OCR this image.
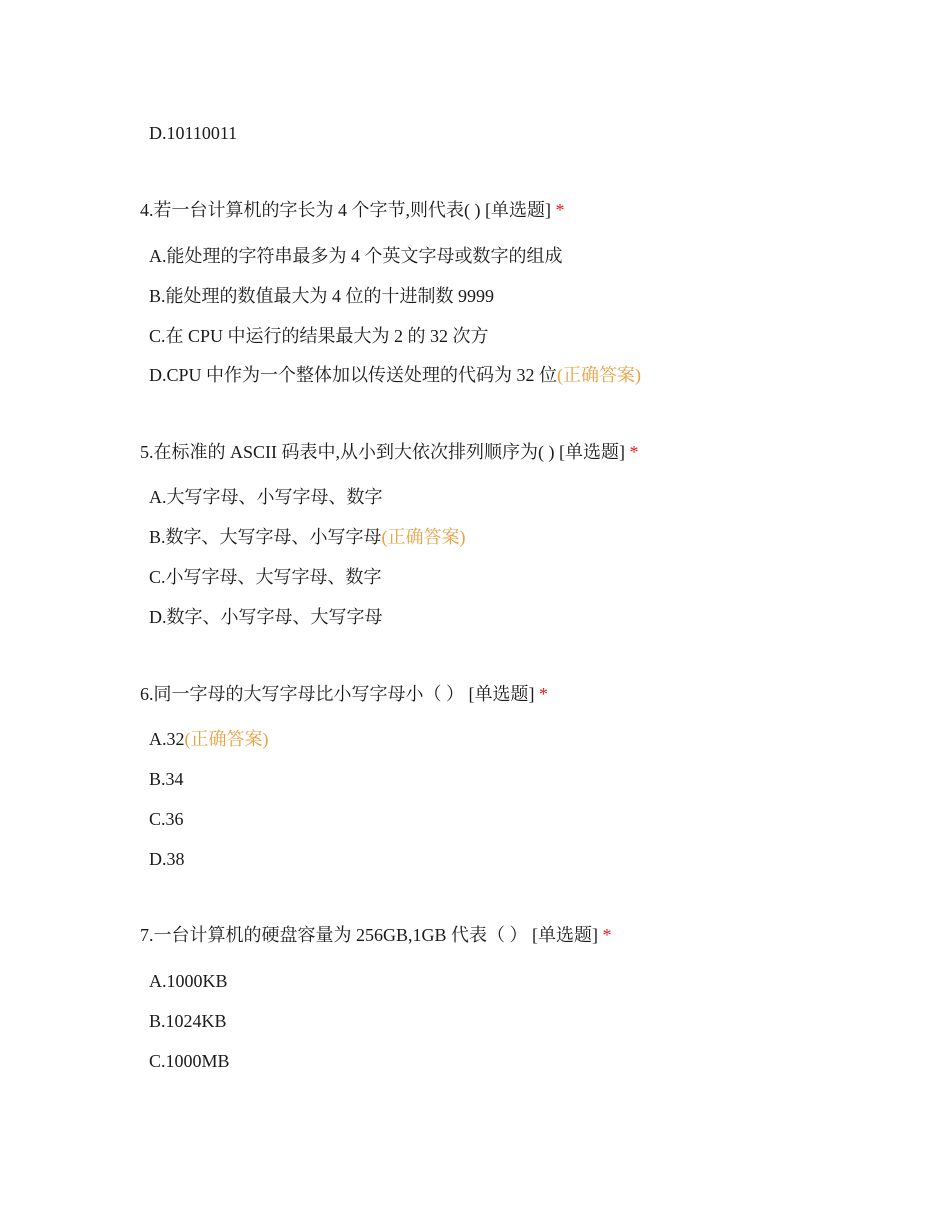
D.10110011
4.若一台计算机的字长为 4 个字节,则代表( ) [单选题] *
A.能处理的字符串最多为 4 个英文字母或数字的组成
B.能处理的数值最大为 4 位的十进制数 9999
C.在 CPU 中运行的结果最大为 2 的 32 次方
D.CPU 中作为一个整体加以传送处理的代码为 32 位(正确答案)
5.在标准的 ASCII 码表中,从小到大依次排列顺序为( ) [单选题] *
A.大写字母、小写字母、数字
B.数字、大写字母、小写字母(正确答案)
C.小写字母、大写字母、数字
D.数字、小写字母、大写字母
6.同一字母的大写字母比小写字母小（ ） [单选题] *
A.32(正确答案)
B.34
C.36
D.38
7.一台计算机的硬盘容量为 256GB,1GB 代表（ ） [单选题] *
A.1000KB
B.1024KB
C.1000MB
